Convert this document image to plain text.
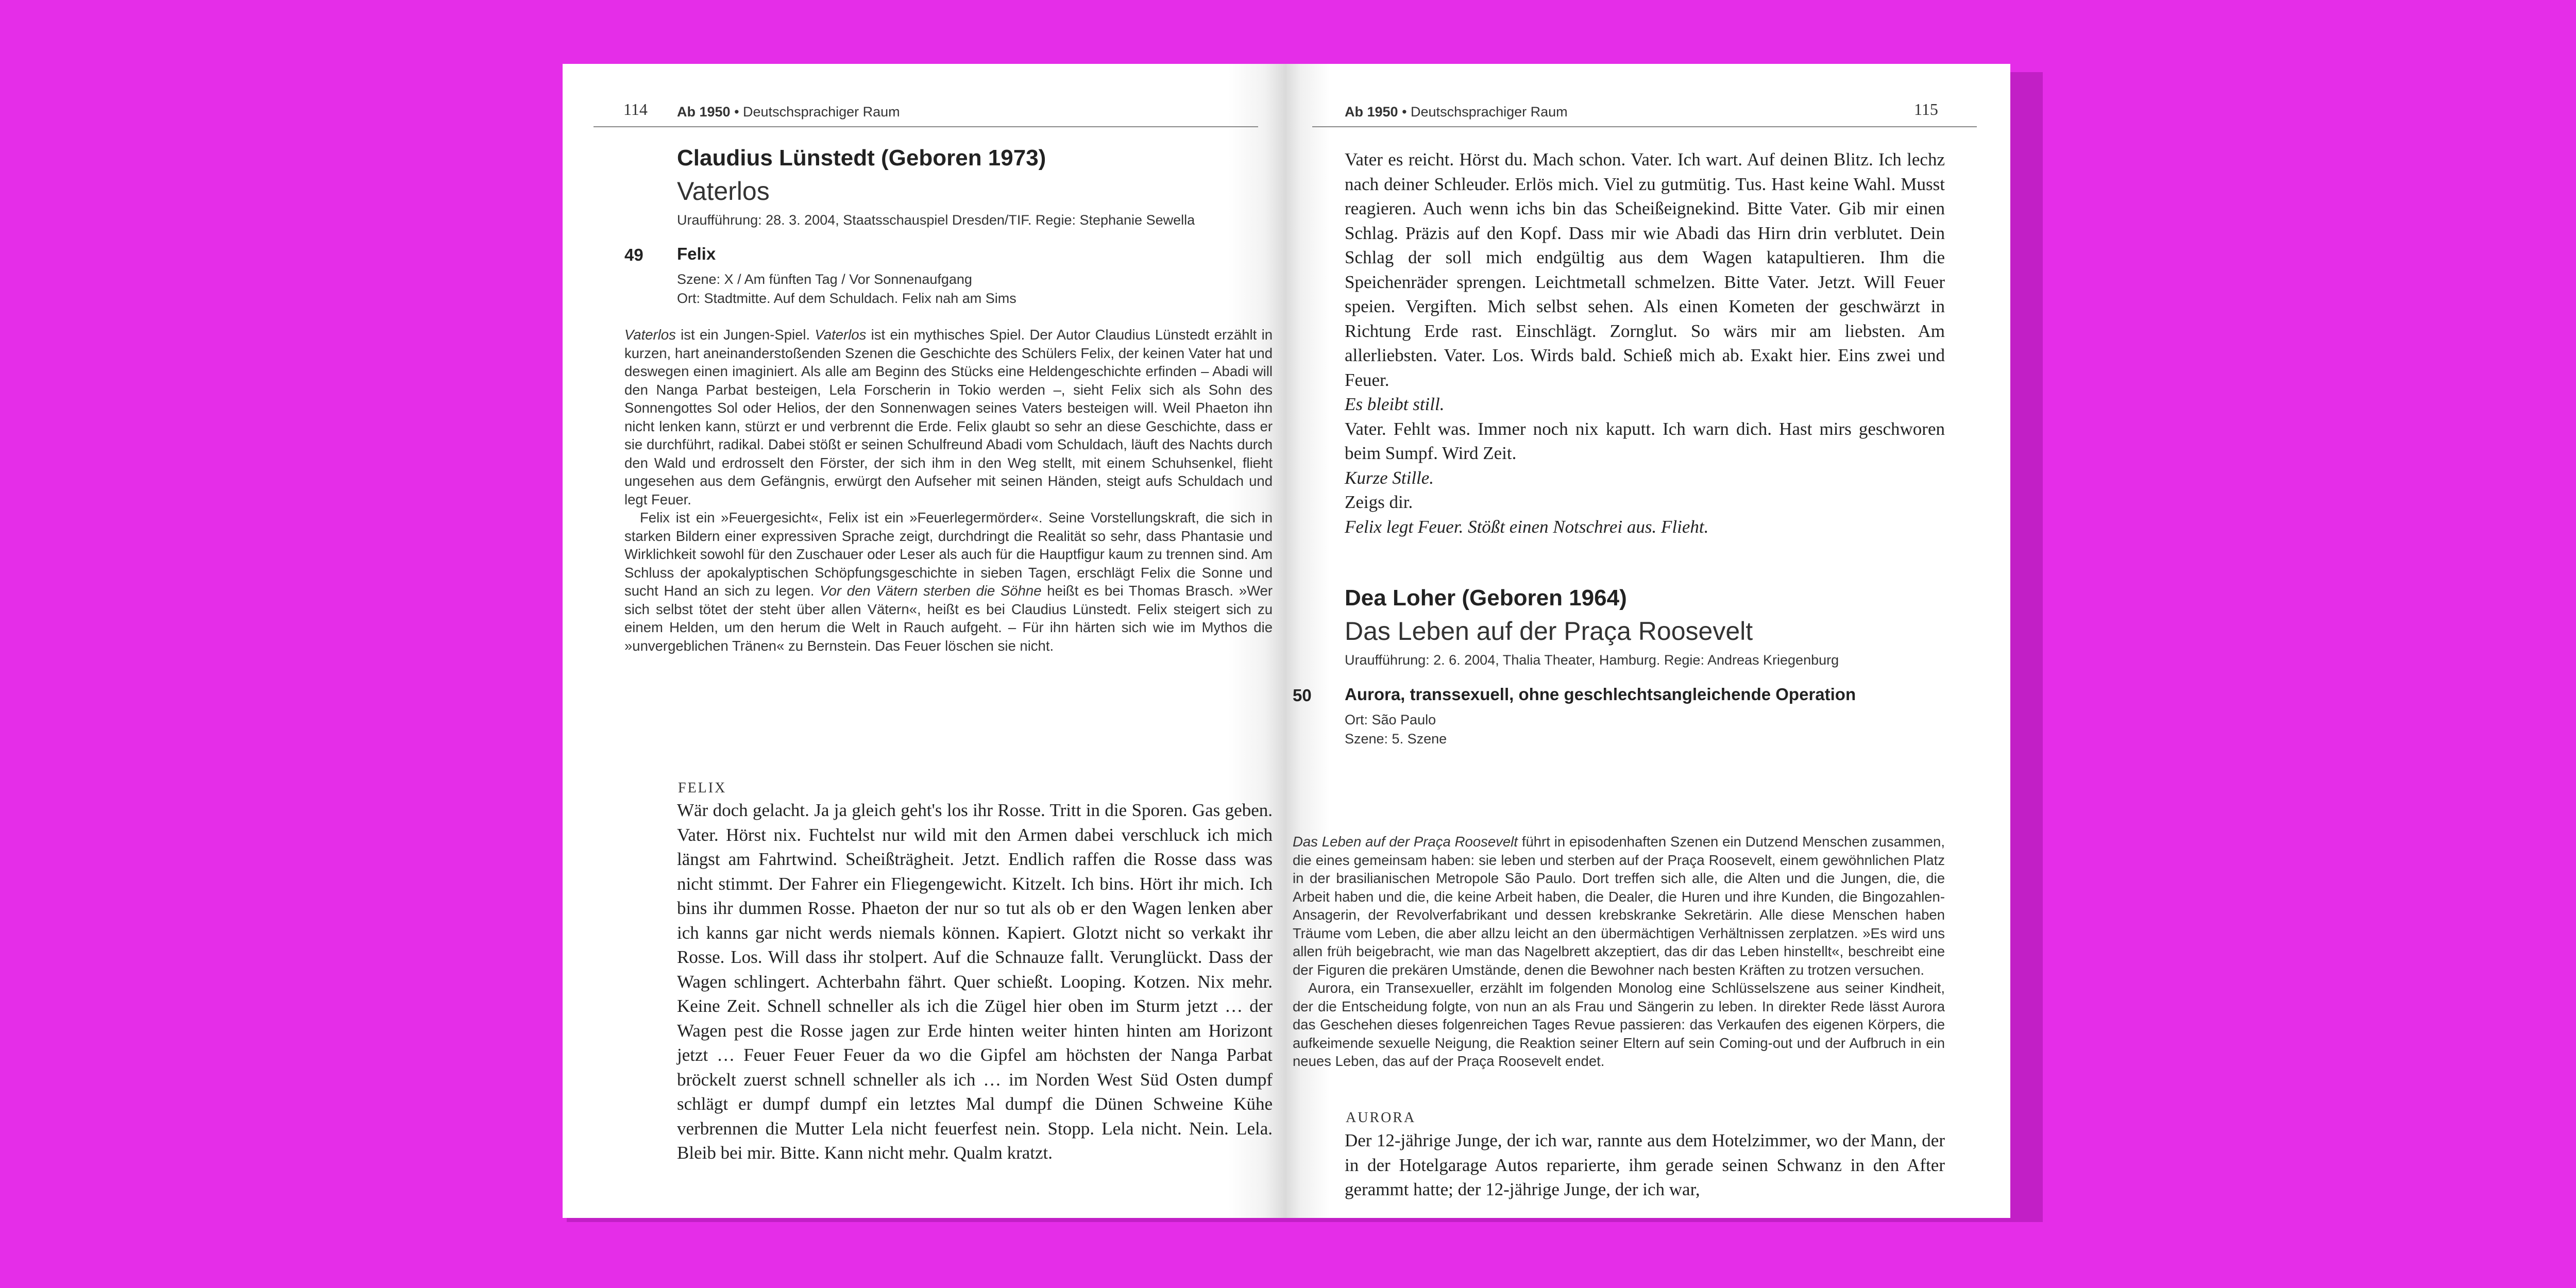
114 Ab 1950 • Deutschsprachiger Raum
Claudius Lünstedt (Geboren 1973)
Vaterlos
Uraufführung: 28. 3. 2004, Staatsschauspiel Dresden/TIF. Regie: Stephanie Sewella
49 Felix
Szene: X / Am fünften Tag / Vor Sonnenaufgang
Ort: Stadtmitte. Auf dem Schuldach. Felix nah am Sims

Vaterlos ist ein Jungen-Spiel. Vaterlos ist ein mythisches Spiel. Der Autor Claudius Lünstedt erzählt in kurzen, hart aneinanderstoßenden Szenen die Geschichte des Schülers Felix, der keinen Vater hat und deswegen einen imaginiert. Als alle am Beginn des Stücks eine Heldengeschichte erfinden – Abadi will den Nanga Parbat besteigen, Lela Forscherin in Tokio werden –, sieht Felix sich als Sohn des Sonnengottes Sol oder Helios, der den Sonnenwagen seines Vaters besteigen will. Weil Phaeton ihn nicht lenken kann, stürzt er und verbrennt die Erde. Felix glaubt so sehr an diese Geschichte, dass er sie durchführt, radikal. Dabei stößt er seinen Schulfreund Abadi vom Schuldach, läuft des Nachts durch den Wald und erdrosselt den Förster, der sich ihm in den Weg stellt, mit einem Schuhsenkel, flieht ungesehen aus dem Gefängnis, erwürgt den Aufseher mit seinen Händen, steigt aufs Schuldach und legt Feuer.

Felix ist ein »Feuergesicht«, Felix ist ein »Feuerlegermörder«. Seine Vorstellungskraft, die sich in starken Bildern einer expressiven Sprache zeigt, durchdringt die Realität so sehr, dass Phantasie und Wirklichkeit sowohl für den Zuschauer oder Leser als auch für die Hauptfigur kaum zu trennen sind. Am Schluss der apokalyptischen Schöpfungsgeschichte in sieben Tagen, erschlägt Felix die Sonne und sucht Hand an sich zu legen. Vor den Vätern sterben die Söhne heißt es bei Thomas Brasch. »Wer sich selbst tötet der steht über allen Vätern«, heißt es bei Claudius Lünstedt. Felix steigert sich zu einem Helden, um den herum die Welt in Rauch aufgeht. – Für ihn härten sich wie im Mythos die »unvergeblichen Tränen« zu Bernstein. Das Feuer löschen sie nicht.

FELIX

Wär doch gelacht. Ja ja gleich geht's los ihr Rosse. Tritt in die Sporen. Gas geben. Vater. Hörst nix. Fuchtelst nur wild mit den Armen dabei verschluck ich mich längst am Fahrtwind. Scheißträgheit. Jetzt. Endlich raffen die Rosse dass was nicht stimmt. Der Fahrer ein Fliegengewicht. Kitzelt. Ich bins. Hört ihr mich. Ich bins ihr dummen Rosse. Phaeton der nur so tut als ob er den Wagen lenken aber ich kanns gar nicht werds niemals können. Kapiert. Glotzt nicht so verkakt ihr Rosse. Los. Will dass ihr stolpert. Auf die Schnauze fallt. Verunglückt. Dass der Wagen schlingert. Achterbahn fährt. Quer schießt. Looping. Kotzen. Nix mehr. Keine Zeit. Schnell schneller als ich die Zügel hier oben im Sturm jetzt … der Wagen pest die Rosse jagen zur Erde hinten weiter hinten hinten am Horizont jetzt … Feuer Feuer Feuer da wo die Gipfel am höchsten der Nanga Parbat bröckelt zuerst schnell schneller als ich … im Norden West Süd Osten dumpf schlägt er dumpf dumpf ein letztes Mal dumpf die Dünen Schweine Kühe verbrennen die Mutter Lela nicht feuerfest nein. Stopp. Lela nicht. Nein. Lela. Bleib bei mir. Bitte. Kann nicht mehr. Qualm kratzt.

Ab 1950 • Deutschsprachiger Raum	115

Vater es reicht. Hörst du. Mach schon. Vater. Ich wart. Auf deinen Blitz. Ich lechz nach deiner Schleuder. Erlös mich. Viel zu gutmütig. Tus. Hast keine Wahl. Musst reagieren. Auch wenn ichs bin das Scheißeignekind. Bitte Vater. Gib mir einen Schlag. Präzis auf den Kopf. Dass mir wie Abadi das Hirn drin verblutet. Dein Schlag der soll mich endgültig aus dem Wagen katapultieren. Ihm die Speichenräder sprengen. Leichtmetall schmelzen. Bitte Vater. Jetzt. Will Feuer speien. Vergiften. Mich selbst sehen. Als einen Kometen der geschwärzt in Richtung Erde rast. Einschlägt. Zornglut. So wärs mir am liebsten. Am allerliebsten. Vater. Los. Wirds bald. Schieß mich ab. Exakt hier. Eins zwei und Feuer.

Es bleibt still.

Vater. Fehlt was. Immer noch nix kaputt. Ich warn dich. Hast mirs geschworen beim Sumpf. Wird Zeit.

Kurze Stille.

Zeigs dir.

Felix legt Feuer. Stößt einen Notschrei aus. Flieht.

Dea Loher (Geboren 1964)
Das Leben auf der Praça Roosevelt
Uraufführung: 2. 6. 2004, Thalia Theater, Hamburg. Regie: Andreas Kriegenburg
50 Aurora, transsexuell, ohne geschlechtsangleichende Operation
Ort: São Paulo
Szene: 5. Szene

Das Leben auf der Praça Roosevelt führt in episodenhaften Szenen ein Dutzend Menschen zusammen, die eines gemeinsam haben: sie leben und sterben auf der Praça Roosevelt, einem gewöhnlichen Platz in der brasilianischen Metropole São Paulo. Dort treffen sich alle, die Alten und die Jungen, die, die Arbeit haben und die, die keine Arbeit haben, die Dealer, die Huren und ihre Kunden, die Bingozahlen-Ansagerin, der Revolverfabrikant und dessen krebskranke Sekretärin. Alle diese Menschen haben Träume vom Leben, die aber allzu leicht an den übermächtigen Verhältnissen zerplatzen. »Es wird uns allen früh beigebracht, wie man das Nagelbrett akzeptiert, das dir das Leben hinstellt«, beschreibt eine der Figuren die prekären Umstände, denen die Bewohner nach besten Kräften zu trotzen versuchen.

Aurora, ein Transexueller, erzählt im folgenden Monolog eine Schlüsselszene aus seiner Kindheit, der die Entscheidung folgte, von nun an als Frau und Sängerin zu leben. In direkter Rede lässt Aurora das Geschehen dieses folgenreichen Tages Revue passieren: das Verkaufen des eigenen Körpers, die aufkeimende sexuelle Neigung, die Reaktion seiner Eltern auf sein Coming-out und der Aufbruch in ein neues Leben, das auf der Praça Roosevelt endet.

AURORA

Der 12-jährige Junge, der ich war, rannte aus dem Hotelzimmer, wo der Mann, der in der Hotelgarage Autos reparierte, ihm gerade seinen Schwanz in den After gerammt hatte; der 12-jährige Junge, der ich war,
